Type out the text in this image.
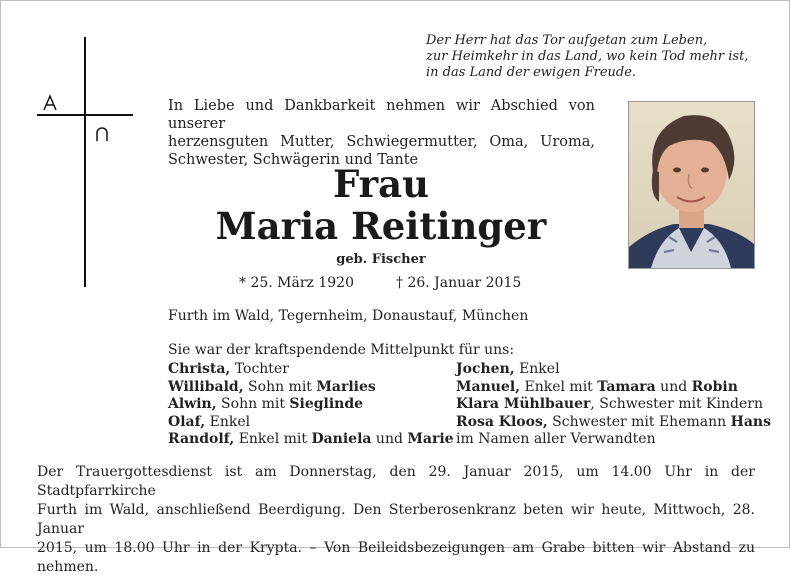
Der Herr hat das Tor aufgetan zum Leben,
zur Heimkehr in das Land, wo kein Tod mehr ist,
in das Land der ewigen Freude.
In Liebe und Dankbarkeit nehmen wir Abschied von unserer
herzensguten Mutter, Schwiegermutter, Oma, Uroma,
Schwester, Schwägerin und Tante
Frau
Maria Reitinger
geb. Fischer
* 25. März 1920	† 26. Januar 2015
Furth im Wald, Tegernheim, Donaustauf, München
Sie war der kraftspendende Mittelpunkt für uns:
Christa, Tochter
Willibald, Sohn mit Marlies
Alwin, Sohn mit Sieglinde
Olaf, Enkel
Randolf, Enkel mit Daniela und Marie
Jochen, Enkel
Manuel, Enkel mit Tamara und Robin
Klara Mühlbauer, Schwester mit Kindern
Rosa Kloos, Schwester mit Ehemann Hans
im Namen aller Verwandten
Der Trauergottesdienst ist am Donnerstag, den 29. Januar 2015, um 14.00 Uhr in der Stadtpfarrkirche
Furth im Wald, anschließend Beerdigung. Den Sterberosenkranz beten wir heute, Mittwoch, 28. Januar
2015, um 18.00 Uhr in der Krypta. – Von Beileidsbezeigungen am Grabe bitten wir Abstand zu nehmen.
